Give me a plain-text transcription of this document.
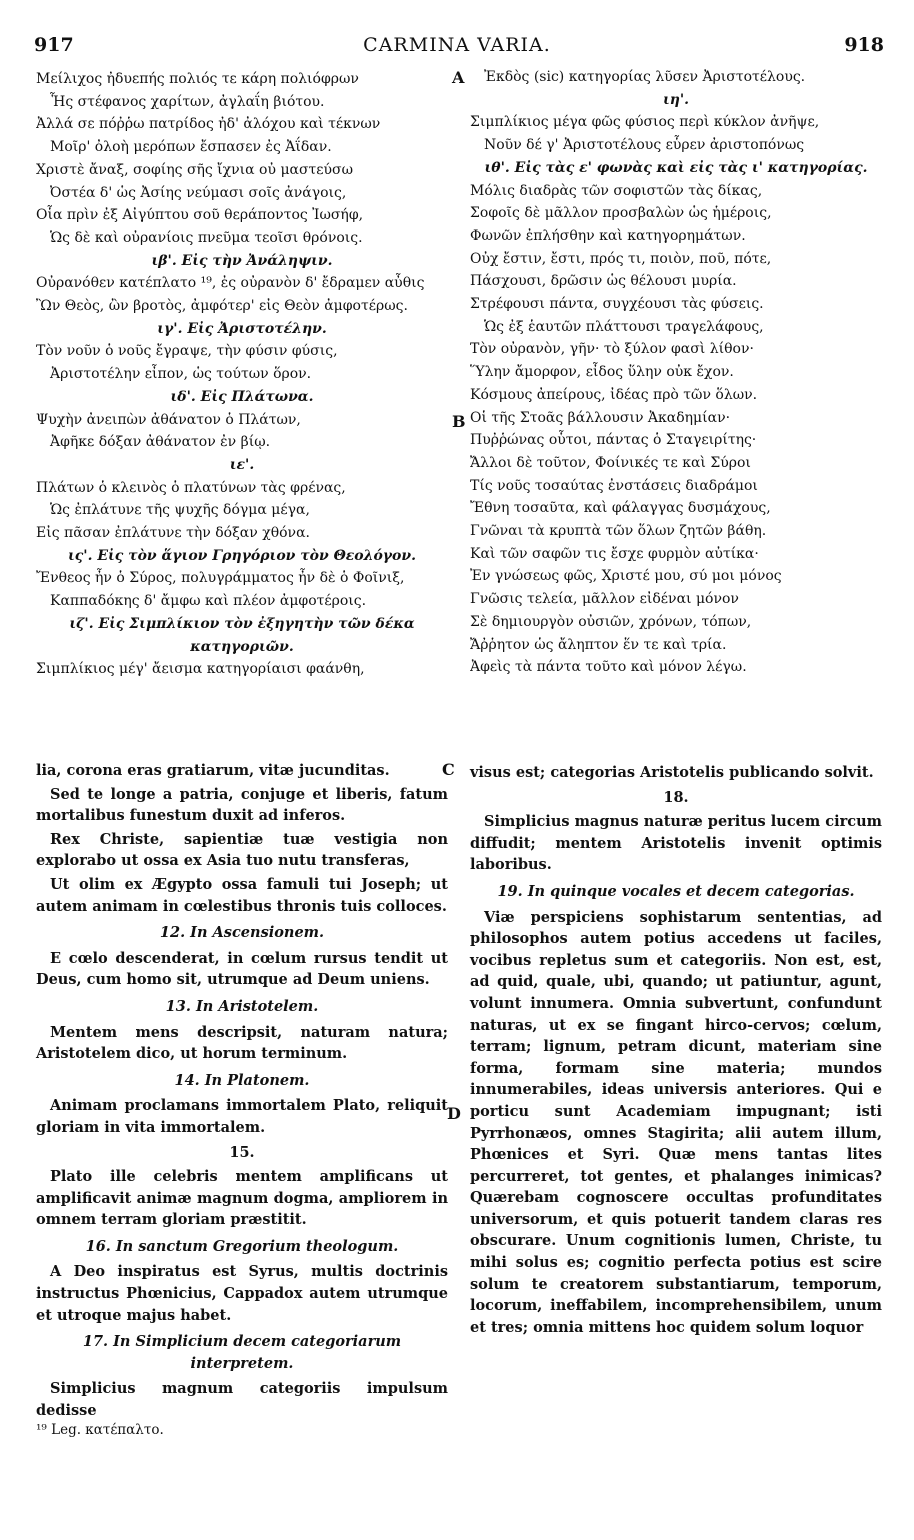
917	CARMINA VARIA.	918
A
B
C
D
Μείλιχος ἠδυεπής πολιός τε κάρη πολιόφρων
Ἧς στέφανος χαρίτων, ἀγλαΐη βιότου.
Ἀλλά σε πόῤῥω πατρίδος ἠδ' ἀλόχου καὶ τέκνων
Μοῖρ' ὀλοὴ μερόπων ἔσπασεν ἐς Ἀΐδαν.
Χριστὲ ἄναξ, σοφίης σῆς ἴχνια οὐ μαστεύσω
Ὀστέα δ' ὡς Ἀσίης νεύμασι σοῖς ἀνάγοις,
Οἷα πρὶν ἐξ Αἰγύπτου σοῦ θεράποντος Ἰωσήφ,
Ὡς δὲ καὶ οὐρανίοις πνεῦμα τεοῖσι θρόνοις.
ιβ'. Εἰς τὴν Ἀνάληψιν.
Οὐρανόθεν κατέπλατο ¹⁹, ἐς οὐρανὸν δ' ἔδραμεν αὖθις
Ὢν Θεὸς, ὢν βροτὸς, ἀμφότερ' εἰς Θεὸν ἀμφοτέρως.
ιγ'. Εἰς Ἀριστοτέλην.
Τὸν νοῦν ὁ νοῦς ἔγραψε, τὴν φύσιν φύσις,
Ἀριστοτέλην εἶπον, ὡς τούτων ὅρον.
ιδ'. Εἰς Πλάτωνα.
Ψυχὴν ἀνειπὼν ἀθάνατον ὁ Πλάτων,
Ἀφῆκε δόξαν ἀθάνατον ἐν βίῳ.
ιε'.
Πλάτων ὁ κλεινὸς ὁ πλατύνων τὰς φρένας,
Ὡς ἐπλάτυνε τῆς ψυχῆς δόγμα μέγα,
Εἰς πᾶσαν ἐπλάτυνε τὴν δόξαν χθόνα.
ις'. Εἰς τὸν ἅγιον Γρηγόριον τὸν Θεολόγον.
Ἔνθεος ἦν ὁ Σύρος, πολυγράμματος ἦν δὲ ὁ Φοῖνιξ,
Καππαδόκης δ' ἄμφω καὶ πλέον ἀμφοτέροις.
ιζ'. Εἰς Σιμπλίκιον τὸν ἐξηγητὴν τῶν δέκα
κατηγοριῶν.
Σιμπλίκιος μέγ' ἄεισμα κατηγορίαισι φαάνθη,
Ἐκδὸς (sic) κατηγορίας λῦσεν Ἀριστοτέλους.
ιη'.
Σιμπλίκιος μέγα φῶς φύσιος περὶ κύκλον ἀνῆψε,
Νοῦν δέ γ' Ἀριστοτέλους εὗρεν ἀριστοπόνως
ιθ'. Εἰς τὰς ε' φωνὰς καὶ εἰς τὰς ι' κατηγορίας.
Μόλις διαδρὰς τῶν σοφιστῶν τὰς δίκας,
Σοφοῖς δὲ μᾶλλον προσβαλὼν ὡς ἡμέροις,
Φωνῶν ἐπλήσθην καὶ κατηγορημάτων.
Οὐχ ἔστιν, ἔστι, πρός τι, ποιὸν, ποῦ, πότε,
Πάσχουσι, δρῶσιν ὡς θέλουσι μυρία.
Στρέφουσι πάντα, συγχέουσι τὰς φύσεις.
Ὡς ἐξ ἑαυτῶν πλάττουσι τραγελάφους,
Τὸν οὐρανὸν, γῆν· τὸ ξύλον φασὶ λίθον·
Ὕλην ἄμορφον, εἶδος ὕλην οὐκ ἔχον.
Κόσμους ἀπείρους, ἰδέας πρὸ τῶν ὅλων.
Οἱ τῆς Στοᾶς βάλλουσιν Ἀκαδημίαν·
Πυῤῥώνας οὗτοι, πάντας ὁ Σταγειρίτης·
Ἄλλοι δὲ τοῦτον, Φοίνικές τε καὶ Σύροι
Τίς νοῦς τοσαύτας ἐνστάσεις διαδράμοι
Ἔθνη τοσαῦτα, καὶ φάλαγγας δυσμάχους,
Γνῶναι τὰ κρυπτὰ τῶν ὅλων ζητῶν βάθη.
Καὶ τῶν σαφῶν τις ἔσχε φυρμὸν αὐτίκα·
Ἐν γνώσεως φῶς, Χριστέ μου, σύ μοι μόνος
Γνῶσις τελεία, μᾶλλον εἰδέναι μόνον
Σὲ δημιουργὸν οὐσιῶν, χρόνων, τόπων,
Ἄῤῥητον ὡς ἄληπτον ἕν τε καὶ τρία.
Ἀφεὶς τὰ πάντα τοῦτο καὶ μόνον λέγω.

lia, corona eras gratiarum, vitæ jucunditas.

Sed te longe a patria, conjuge et liberis, fatum mortalibus funestum duxit ad inferos.

Rex Christe, sapientiæ tuæ vestigia non explorabo ut ossa ex Asia tuo nutu transferas,

Ut olim ex Ægypto ossa famuli tui Joseph; ut autem animam in cœlestibus thronis tuis colloces.

12. In Ascensionem.

E cœlo descenderat, in cœlum rursus tendit ut Deus, cum homo sit, utrumque ad Deum uniens.

13. In Aristotelem.

Mentem mens descripsit, naturam natura; Aristotelem dico, ut horum terminum.

14. In Platonem.

Animam proclamans immortalem Plato, reliquit gloriam in vita immortalem.

15.

Plato ille celebris mentem amplificans ut amplificavit animæ magnum dogma, ampliorem in omnem terram gloriam præstitit.

16. In sanctum Gregorium theologum.

A Deo inspiratus est Syrus, multis doctrinis instructus Phœnicius, Cappadox autem utrumque et utroque majus habet.

17. In Simplicium decem categoriarum interpretem.

Simplicius magnum categoriis impulsum dedisse

visus est; categorias Aristotelis publicando solvit.

18.

Simplicius magnus naturæ peritus lucem circum diffudit; mentem Aristotelis invenit optimis laboribus.

19. In quinque vocales et decem categorias.

Viæ perspiciens sophistarum sententias, ad philosophos autem potius accedens ut faciles, vocibus repletus sum et categoriis. Non est, est, ad quid, quale, ubi, quando; ut patiuntur, agunt, volunt innumera. Omnia subvertunt, confundunt naturas, ut ex se fingant hirco-cervos; cœlum, terram; lignum, petram dicunt, materiam sine forma, formam sine materia; mundos innumerabiles, ideas universis anteriores. Qui e porticu sunt Academiam impugnant; isti Pyrrhonæos, omnes Stagirita; alii autem illum, Phœnices et Syri. Quæ mens tantas lites percurreret, tot gentes, et phalanges inimicas? Quærebam cognoscere occultas profunditates universorum, et quis potuerit tandem claras res obscurare. Unum cognitionis lumen, Christe, tu mihi solus es; cognitio perfecta potius est scire solum te creatorem substantiarum, temporum, locorum, ineffabilem, incomprehensibilem, unum et tres; omnia mittens hoc quidem solum loquor

¹⁹ Leg. κατέπαλτο.
